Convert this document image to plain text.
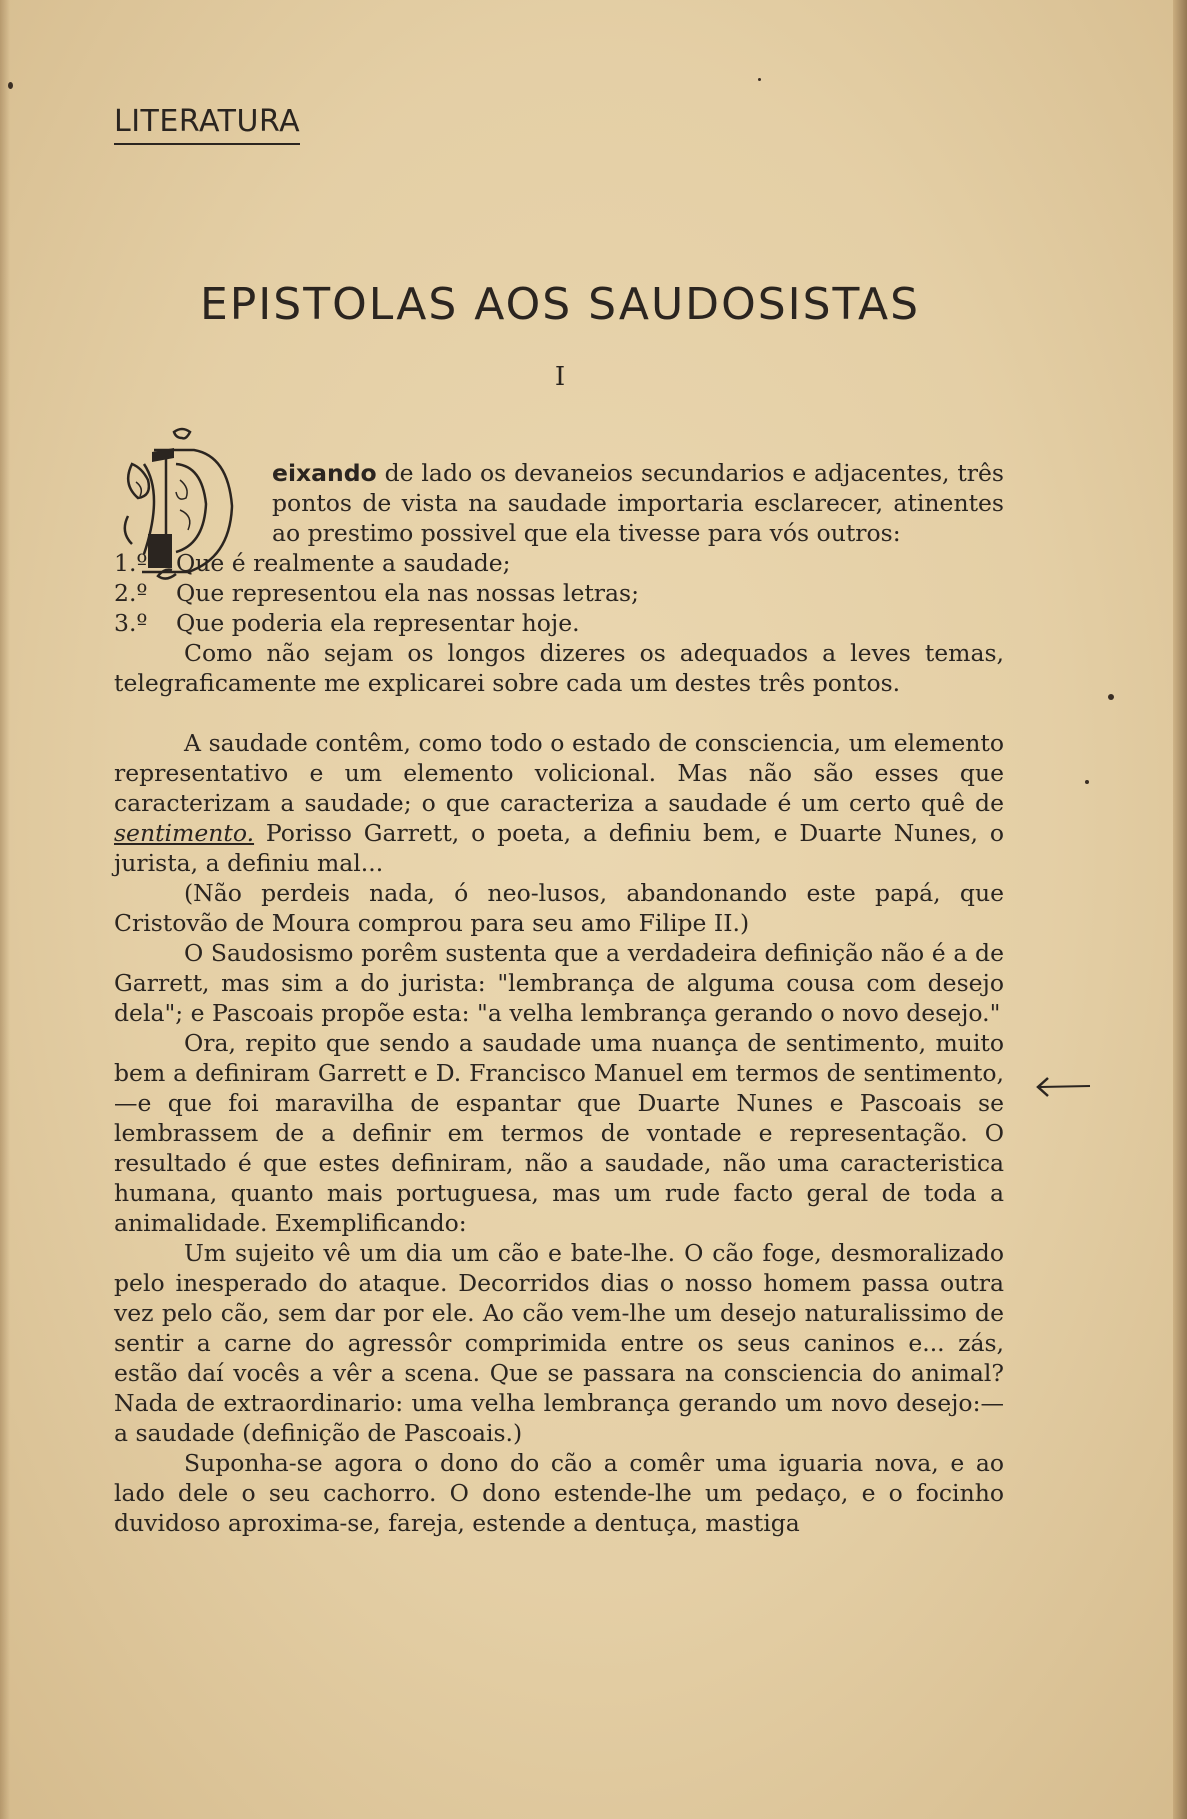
LITERATURA
EPISTOLAS AOS SAUDOSISTAS
I

eixando de lado os devaneios secundarios e adjacentes, três pontos de vista na saudade importaria esclarecer, atinentes ao prestimo possivel que ela tivesse para vós outros:

1.º Que é realmente a saudade;
2.º Que representou ela nas nossas letras;
3.º Que poderia ela representar hoje.

Como não sejam os longos dizeres os adequados a leves temas, telegraficamente me explicarei sobre cada um destes três pontos.

A saudade contêm, como todo o estado de consciencia, um elemento representativo e um elemento volicional. Mas não são esses que caracterizam a saudade; o que caracteriza a saudade é um certo quê de sentimento. Porisso Garrett, o poeta, a definiu bem, e Duarte Nunes, o jurista, a definiu mal...

(Não perdeis nada, ó neo-lusos, abandonando este papá, que Cristovão de Moura comprou para seu amo Filipe II.)

O Saudosismo porêm sustenta que a verdadeira definição não é a de Garrett, mas sim a do jurista: "lembrança de alguma cousa com desejo dela"; e Pascoais propõe esta: "a velha lembrança gerando o novo desejo."

Ora, repito que sendo a saudade uma nuança de sentimento, muito bem a definiram Garrett e D. Francisco Manuel em termos de sentimento,—e que foi maravilha de espantar que Duarte Nunes e Pascoais se lembrassem de a definir em termos de vontade e representação. O resultado é que estes definiram, não a saudade, não uma caracteristica humana, quanto mais portuguesa, mas um rude facto geral de toda a animalidade. Exemplificando:

Um sujeito vê um dia um cão e bate-lhe. O cão foge, desmoralizado pelo inesperado do ataque. Decorridos dias o nosso homem passa outra vez pelo cão, sem dar por ele. Ao cão vem-lhe um desejo naturalissimo de sentir a carne do agressôr comprimida entre os seus caninos e... zás, estão daí vocês a vêr a scena. Que se passara na consciencia do animal? Nada de extraordinario: uma velha lembrança gerando um novo desejo:—a saudade (definição de Pascoais.)

Suponha-se agora o dono do cão a comêr uma iguaria nova, e ao lado dele o seu cachorro. O dono estende-lhe um pedaço, e o focinho duvidoso aproxima-se, fareja, estende a dentuça, mastiga
